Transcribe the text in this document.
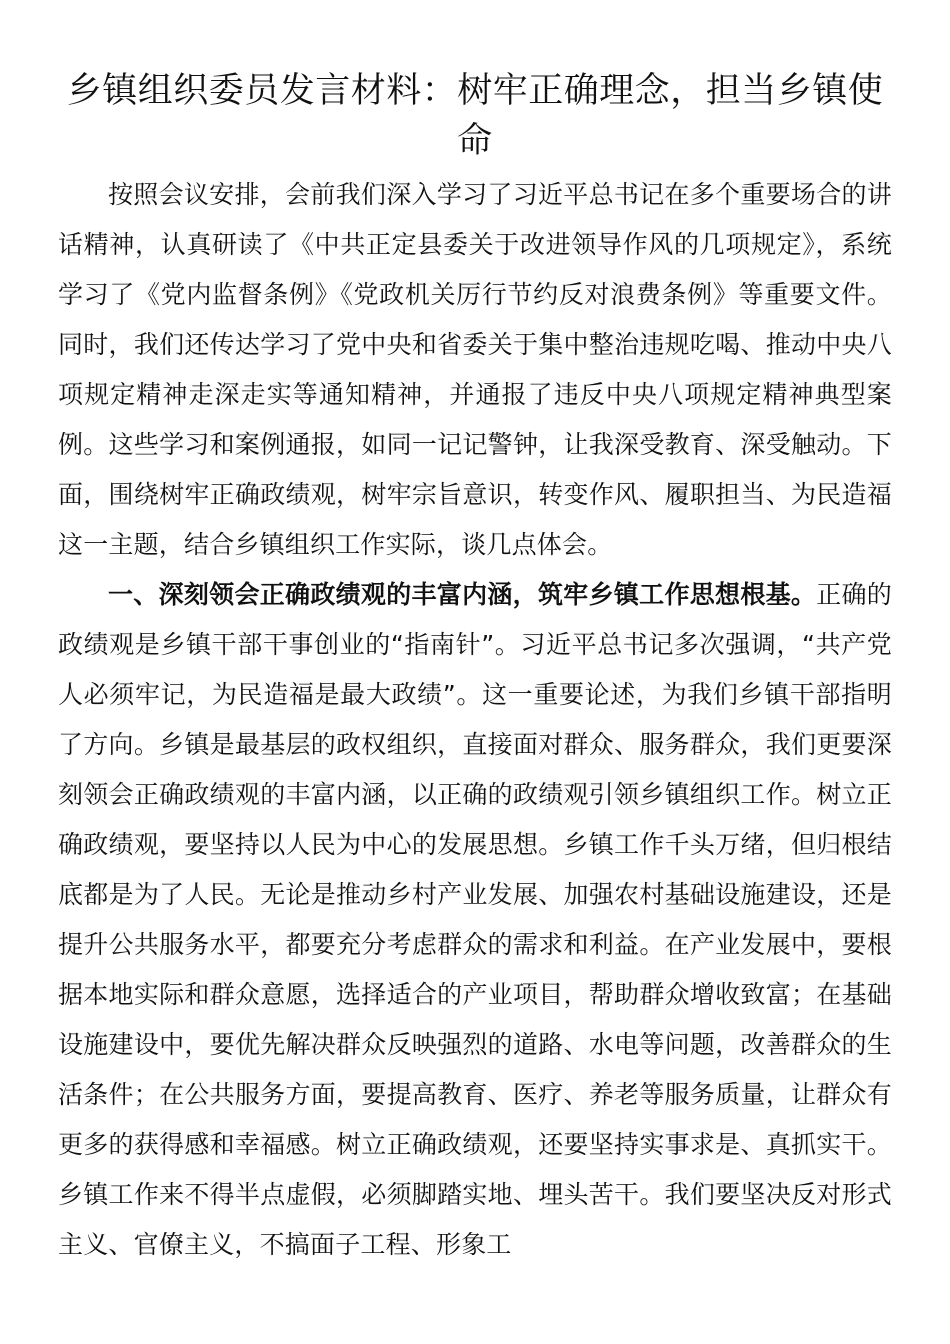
乡镇组织委员发言材料：树牢正确理念，担当乡镇使命

按照会议安排，会前我们深入学习了习近平总书记在多个重要场合的讲话精神，认真研读了《中共正定县委关于改进领导作风的几项规定》，系统学习了《党内监督条例》《党政机关厉行节约反对浪费条例》等重要文件。同时，我们还传达学习了党中央和省委关于集中整治违规吃喝、推动中央八项规定精神走深走实等通知精神，并通报了违反中央八项规定精神典型案例。这些学习和案例通报，如同一记记警钟，让我深受教育、深受触动。下面，围绕树牢正确政绩观，树牢宗旨意识，转变作风、履职担当、为民造福这一主题，结合乡镇组织工作实际，谈几点体会。

一、深刻领会正确政绩观的丰富内涵，筑牢乡镇工作思想根基。正确的政绩观是乡镇干部干事创业的“指南针”。习近平总书记多次强调，“共产党人必须牢记，为民造福是最大政绩”。这一重要论述，为我们乡镇干部指明了方向。乡镇是最基层的政权组织，直接面对群众、服务群众，我们更要深刻领会正确政绩观的丰富内涵，以正确的政绩观引领乡镇组织工作。树立正确政绩观，要坚持以人民为中心的发展思想。乡镇工作千头万绪，但归根结底都是为了人民。无论是推动乡村产业发展、加强农村基础设施建设，还是提升公共服务水平，都要充分考虑群众的需求和利益。在产业发展中，要根据本地实际和群众意愿，选择适合的产业项目，帮助群众增收致富；在基础设施建设中，要优先解决群众反映强烈的道路、水电等问题，改善群众的生活条件；在公共服务方面，要提高教育、医疗、养老等服务质量，让群众有更多的获得感和幸福感。树立正确政绩观，还要坚持实事求是、真抓实干。乡镇工作来不得半点虚假，必须脚踏实地、埋头苦干。我们要坚决反对形式主义、官僚主义，不搞面子工程、形象工
